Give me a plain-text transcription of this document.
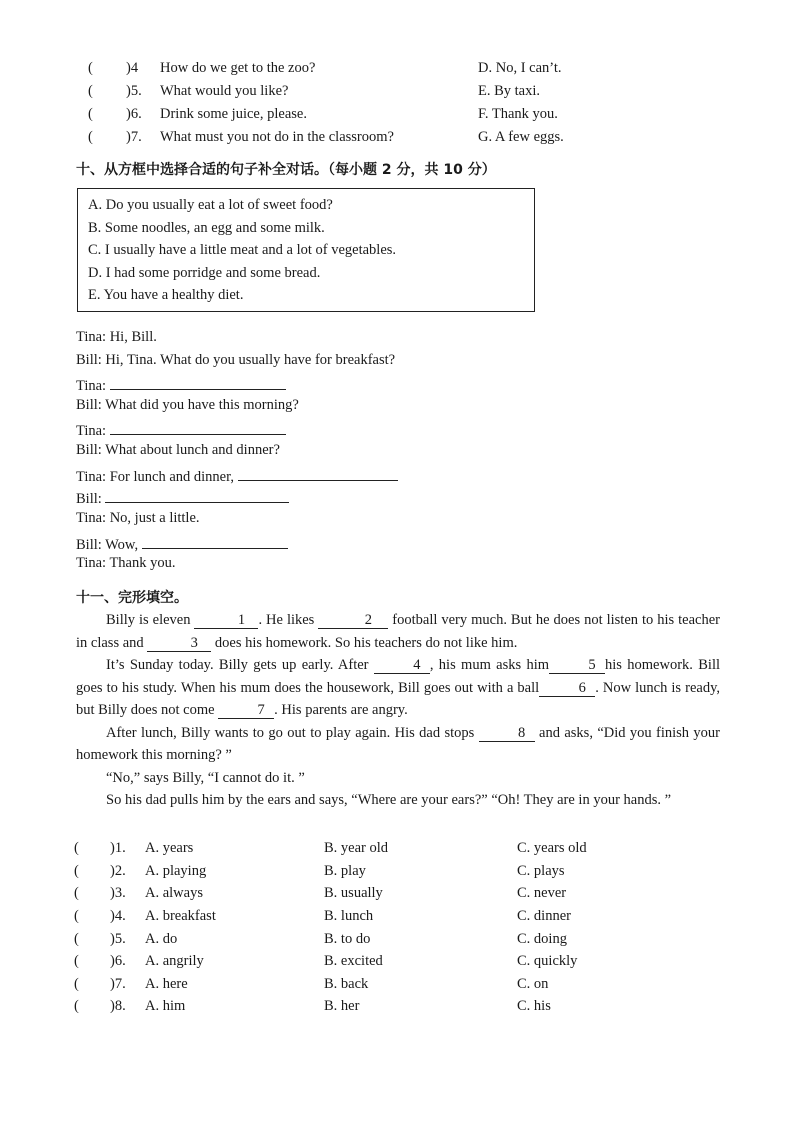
( )4 How do we get to the zoo?	D. No, I can’t.
( )5. What would you like?	E. By taxi.
( )6. Drink some juice, please.	F. Thank you.
( )7. What must you not do in the classroom?	G. A few eggs.
十、从方框中选择合适的句子补全对话。（每小题 2 分，共 10 分）
A. Do you usually eat a lot of sweet food?
B. Some noodles, an egg and some milk.
C. I usually have a little meat and a lot of vegetables.
D. I had some porridge and some bread.
E. You have a healthy diet.
Tina: Hi, Bill.
Bill: Hi, Tina. What do you usually have for breakfast?
Tina:
Bill: What did you have this morning?
Tina:
Bill: What about lunch and dinner?
Tina: For lunch and dinner,
Bill:
Tina: No, just a little.
Bill: Wow,
Tina: Thank you.
十一、完形填空。

Billy is eleven	1 . He likes	2 football very much. But he does not listen to his teacher in class and	3 does his homework. So his teachers do not like him.

It’s Sunday today. Billy gets up early. After	4 , his mum asks him	5 his homework. Bill goes to his study. When his mum does the housework, Bill goes out with a ball	6 . Now lunch is ready, but Billy does not come	7 . His parents are angry.

After lunch, Billy wants to go out to play again. His dad stops	8 and asks, “Did you finish your homework this morning? ”

“No,” says Billy, “I cannot do it. ”

So his dad pulls him by the ears and says, “Where are your ears?” “Oh! They are in your hands. ”

( )1. A. years	B. year old	C. years old
( )2. A. playing	B. play	C. plays
( )3. A. always	B. usually	C. never
( )4. A. breakfast	B. lunch	C. dinner
( )5. A. do	B. to do	C. doing
( )6. A. angrily	B. excited	C. quickly
( )7. A. here	B. back	C. on
( )8. A. him	B. her	C. his
